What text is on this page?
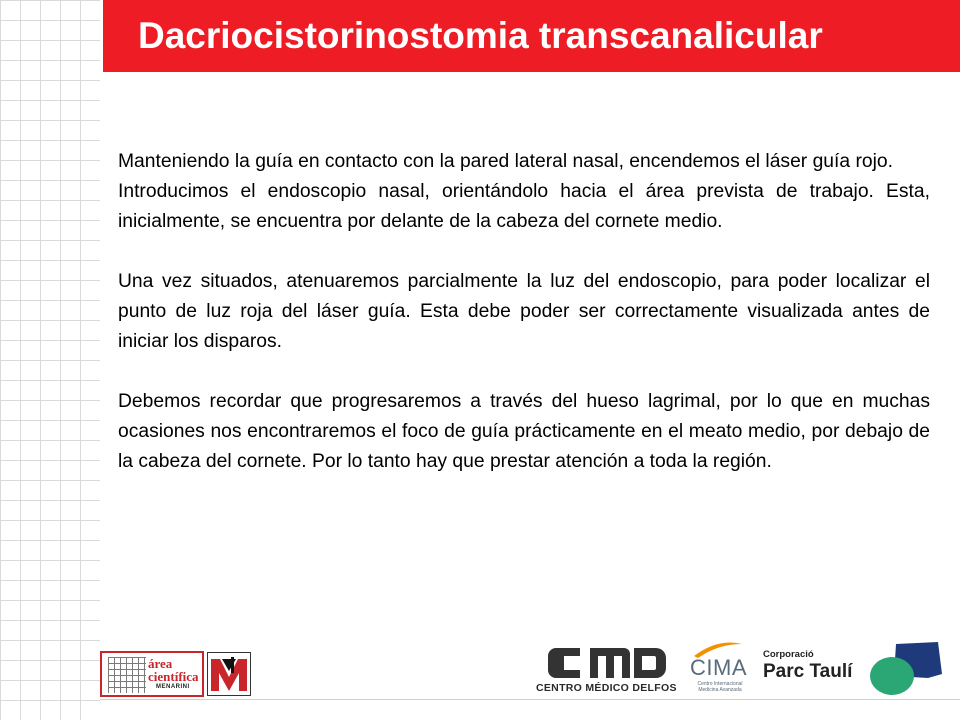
Dacriocistorinostomia transcanalicular

Manteniendo la guía en contacto con la pared lateral nasal, encendemos el láser guía rojo.

Introducimos el endoscopio nasal, orientándolo hacia el área prevista de trabajo. Esta, inicialmente, se encuentra por delante de la cabeza del cornete medio.

Una vez situados, atenuaremos parcialmente la luz del endoscopio, para poder localizar el punto de luz roja del láser guía. Esta debe poder ser correctamente visualizada antes de iniciar los disparos.

Debemos recordar que progresaremos a través del hueso lagrimal, por lo que en muchas ocasiones nos encontraremos el foco de guía prácticamente en el meato medio, por debajo de la cabeza del cornete. Por lo tanto hay que prestar atención a toda la región.

área
científica
MENARINI	CENTRO MÉDICO DELFOS
CIMA
Centro Internacional Medicina Avanzada
Corporació
Parc Taulí
